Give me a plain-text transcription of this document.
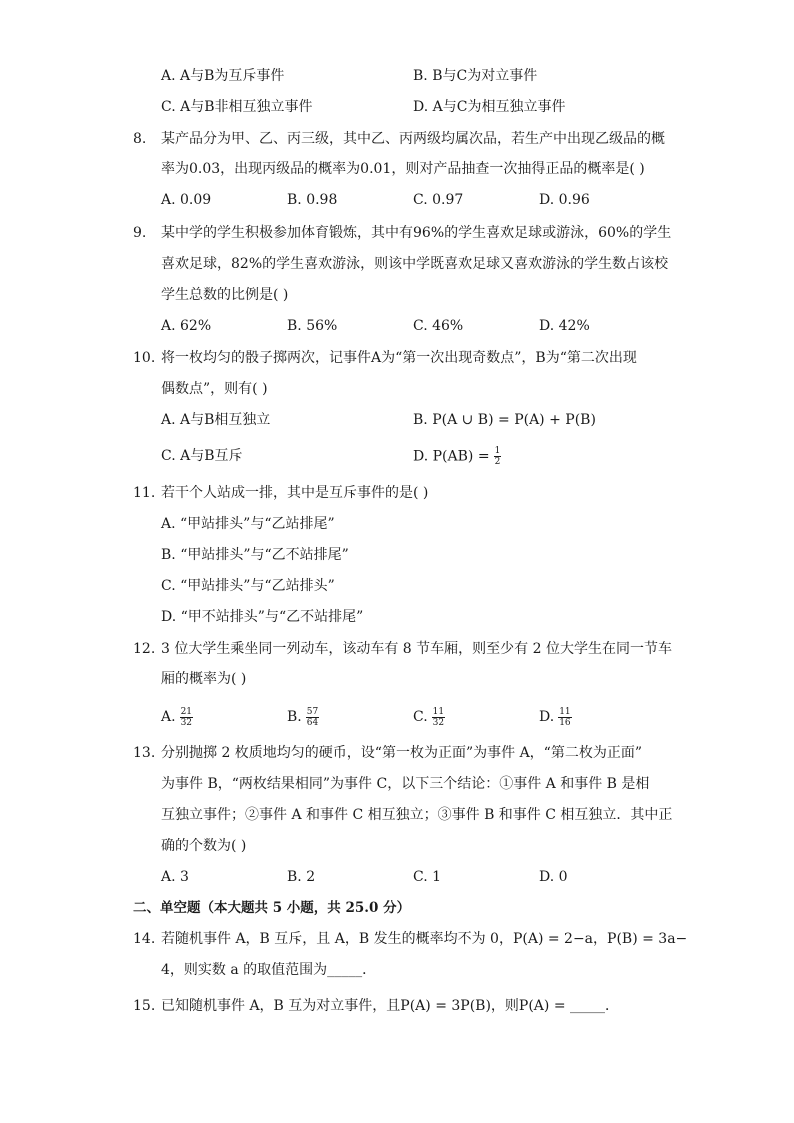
A. A与B为互斥事件	B. B与C为对立事件
C. A与B非相互独立事件	D. A与C为相互独立事件
8. 某产品分为甲、乙、丙三级，其中乙、丙两级均属次品，若生产中出现乙级品的概
率为0.03，出现丙级品的概率为0.01，则对产品抽查一次抽得正品的概率是( )
A. 0.09	B. 0.98	C. 0.97	D. 0.96
9. 某中学的学生积极参加体育锻炼，其中有96%的学生喜欢足球或游泳，60%的学生
喜欢足球，82%的学生喜欢游泳，则该中学既喜欢足球又喜欢游泳的学生数占该校
学生总数的比例是( )
A. 62%	B. 56%	C. 46%	D. 42%
10. 将一枚均匀的骰子掷两次，记事件A为“第一次出现奇数点”，B为“第二次出现
偶数点”，则有( )
A. A与B相互独立	B. P(A ∪ B) = P(A) + P(B)
C. A与B互斥	D. $P(AB) = \frac{1}{2}$
11. 若干个人站成一排，其中是互斥事件的是( )
A. “甲站排头”与“乙站排尾”
B. “甲站排头”与“乙不站排尾”
C. “甲站排头”与“乙站排头”
D. “甲不站排头”与“乙不站排尾”
12. 3 位大学生乘坐同一列动车，该动车有 8 节车厢，则至少有 2 位大学生在同一节车
厢的概率为( )
A. $\frac{21}{32}$	B. $\frac{57}{64}$	C. $\frac{11}{32}$	D. $\frac{11}{16}$
13. 分别抛掷 2 枚质地均匀的硬币，设“第一枚为正面”为事件 A，“第二枚为正面”
为事件 B，“两枚结果相同”为事件 C，以下三个结论：①事件 A 和事件 B 是相
互独立事件；②事件 A 和事件 C 相互独立；③事件 B 和事件 C 相互独立．其中正
确的个数为( )
A. 3	B. 2	C. 1	D. 0
二、单空题（本大题共 5 小题，共 25.0 分）
14. 若随机事件 A，B 互斥，且 A，B 发生的概率均不为 0，P(A) = 2−a，P(B) = 3a−
4，则实数 a 的取值范围为_____．
15. 已知随机事件 A，B 互为对立事件，且P(A) = 3P(B)，则P(A) = _____．
